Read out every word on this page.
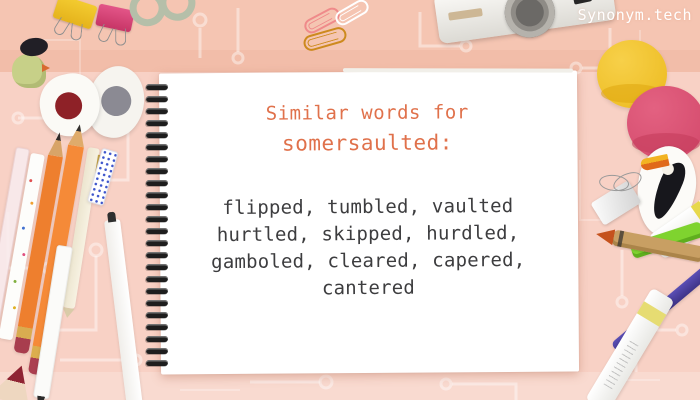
Similar words for
somersaulted:
flipped, tumbled, vaulted
hurtled, skipped, hurdled,
gamboled, cleared, capered,
cantered
Synonym.tech
